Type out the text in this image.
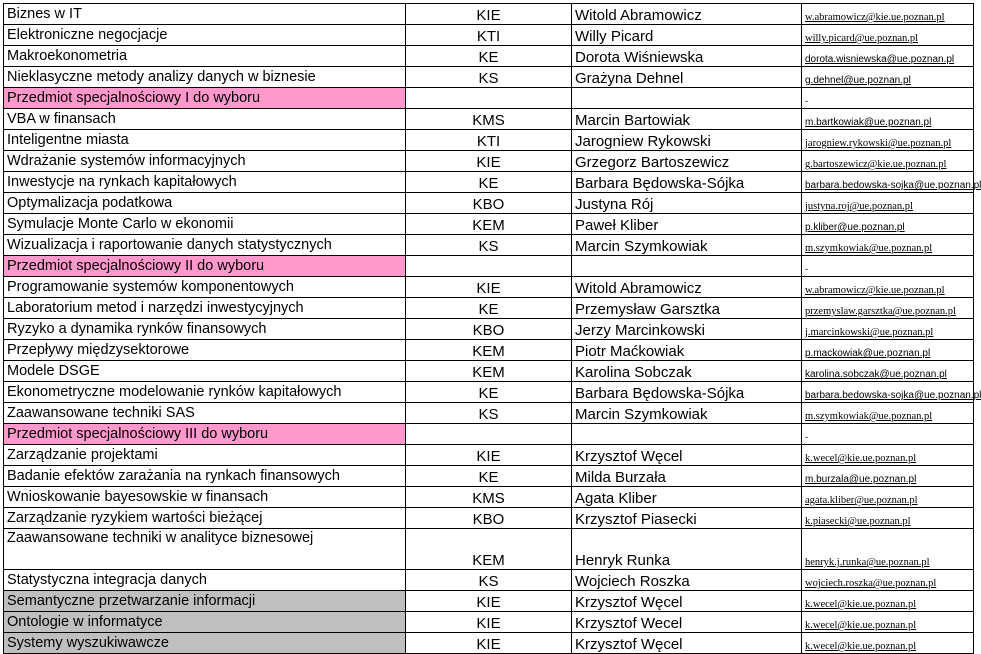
Biznes w IT	KIE	Witold Abramowicz	w.abramowicz@kie.ue.poznan.pl
Elektroniczne negocjacje	KTI	Willy Picard	willy.picard@ue.poznan.pl
Makroekonometria	KE	Dorota Wiśniewska	dorota.wisniewska@ue.poznan.pl
Nieklasyczne metody analizy danych w biznesie	KS	Grażyna Dehnel	g.dehnel@ue.poznan.pl
Przedmiot specjalnościowy I do wyboru			-
VBA w finansach	KMS	Marcin Bartowiak	m.bartkowiak@ue.poznan.pl
Inteligentne miasta	KTI	Jarogniew Rykowski	jarogniew.rykowski@ue.poznan.pl
Wdrażanie systemów informacyjnych	KIE	Grzegorz Bartoszewicz	g.bartoszewicz@kie.ue.poznan.pl
Inwestycje na rynkach kapitałowych	KE	Barbara Będowska-Sójka	barbara.bedowska-sojka@ue.poznan.pl
Optymalizacja podatkowa	KBO	Justyna Rój	justyna.roj@ue.poznan.pl
Symulacje Monte Carlo w ekonomii	KEM	Paweł Kliber	p.kliber@ue.poznan.pl
Wizualizacja i raportowanie danych statystycznych	KS	Marcin Szymkowiak	m.szymkowiak@ue.poznan.pl
Przedmiot specjalnościowy II do wyboru			-
Programowanie systemów komponentowych	KIE	Witold Abramowicz	w.abramowicz@kie.ue.poznan.pl
Laboratorium metod i narzędzi inwestycyjnych	KE	Przemysław Garsztka	przemyslaw.garsztka@ue.poznan.pl
Ryzyko a dynamika rynków finansowych	KBO	Jerzy Marcinkowski	j.marcinkowski@ue.poznan.pl
Przepływy międzysektorowe	KEM	Piotr Maćkowiak	p.mackowiak@ue.poznan.pl
Modele DSGE	KEM	Karolina Sobczak	karolina.sobczak@ue.poznan.pl
Ekonometryczne modelowanie rynków kapitałowych	KE	Barbara Będowska-Sójka	barbara.bedowska-sojka@ue.poznan.pl
Zaawansowane techniki SAS	KS	Marcin Szymkowiak	m.szymkowiak@ue.poznan.pl
Przedmiot specjalnościowy III do wyboru			-
Zarządzanie projektami	KIE	Krzysztof Węcel	k.wecel@kie.ue.poznan.pl
Badanie efektów zarażania na rynkach finansowych	KE	Milda Burzała	m.burzala@ue.poznan.pl
Wnioskowanie bayesowskie w finansach	KMS	Agata Kliber	agata.kliber@ue.poznan.pl
Zarządzanie ryzykiem wartości bieżącej	KBO	Krzysztof Piasecki	k.piasecki@ue.poznan.pl
Zaawansowane techniki w analityce biznesowej	KEM	Henryk Runka	henryk.j.runka@ue.poznan.pl
Statystyczna integracja danych	KS	Wojciech Roszka	wojciech.roszka@ue.poznan.pl
Semantyczne przetwarzanie informacji	KIE	Krzysztof Węcel	k.wecel@kie.ue.poznan.pl
Ontologie w informatyce	KIE	Krzysztof Wecel	k.wecel@kie.ue.poznan.pl
Systemy wyszukiwawcze	KIE	Krzysztof Węcel	k.wecel@kie.ue.poznan.pl
